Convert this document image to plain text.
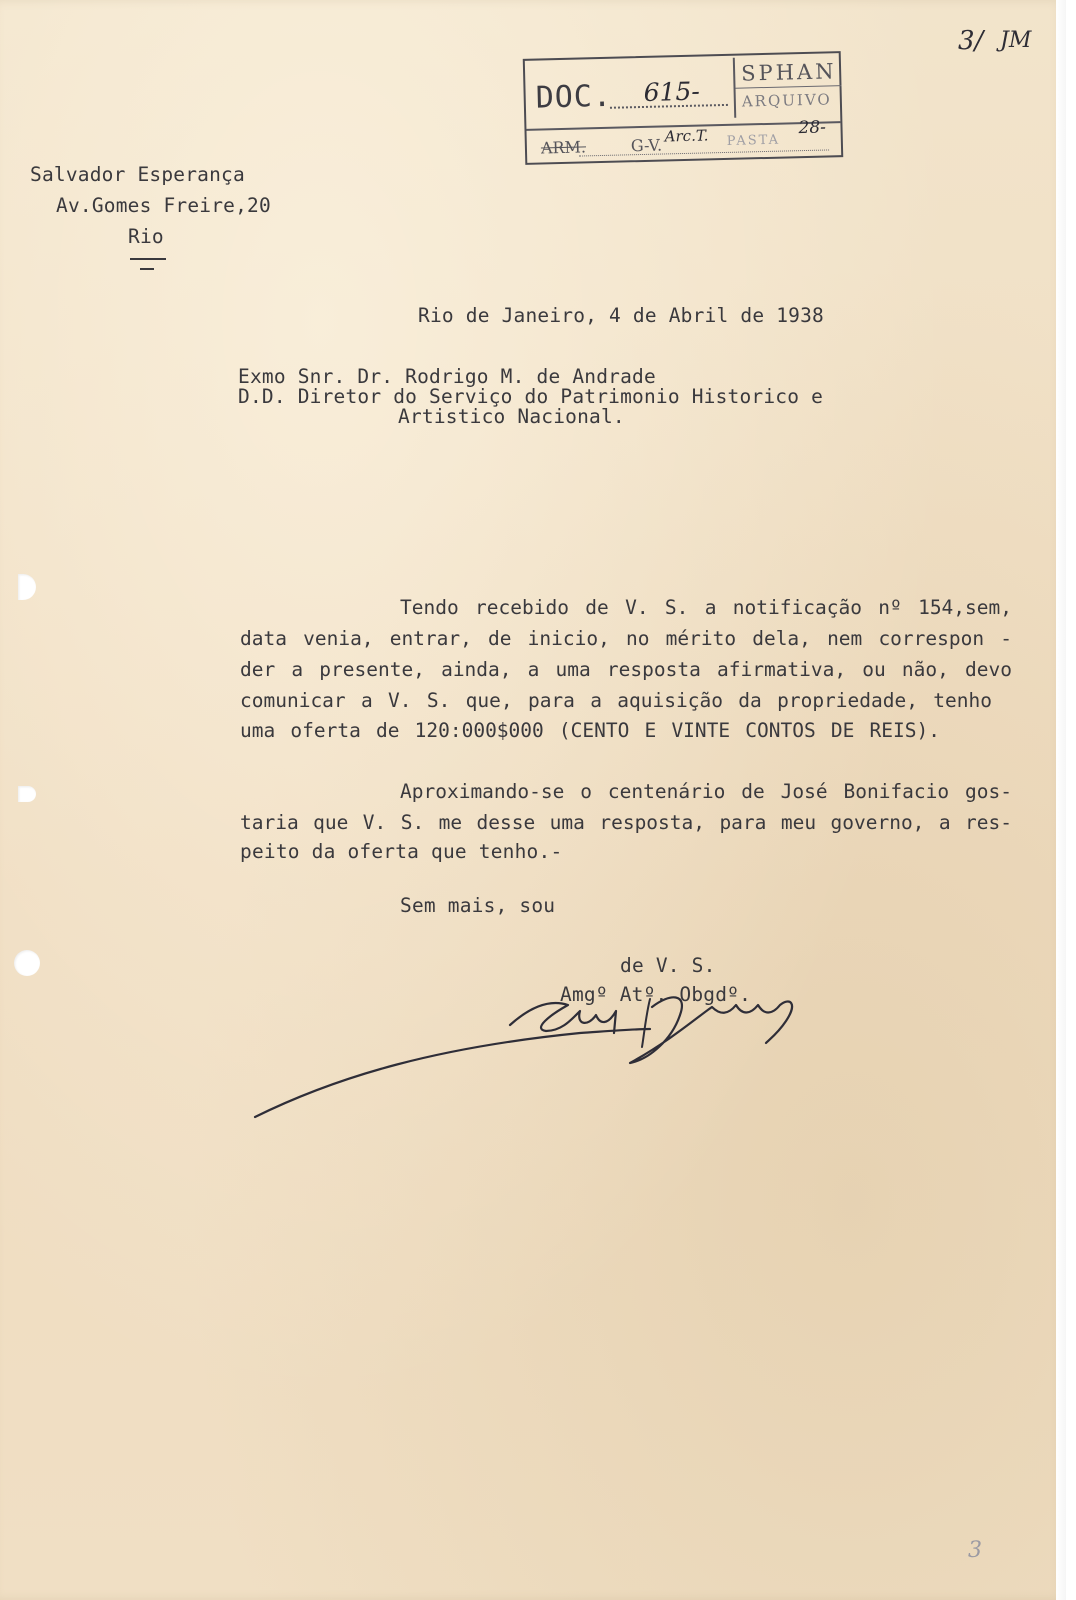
3/ JM
DOC. 615-
SPHAN
ARQUIVO
ARM.	G-V. Arc.T. PASTA
28-
Salvador Esperança
Av.Gomes Freire,20
Rio
Rio de Janeiro, 4 de Abril de 1938
Exmo Snr. Dr. Rodrigo M. de Andrade
D.D. Diretor do Serviço do Patrimonio Historico e
Artistico Nacional.
Tendo recebido de V. S. a notificação nº 154,sem,
data venia, entrar, de inicio, no mérito dela, nem correspon -
der a presente, ainda, a uma resposta afirmativa, ou não, devo
comunicar a V. S. que, para a aquisição da propriedade, tenho
uma oferta de 120:000$000 (CENTO E VINTE CONTOS DE REIS).
Aproximando-se o centenário de José Bonifacio gos-
taria que V. S. me desse uma resposta, para meu governo, a res-
peito da oferta que tenho.-
Sem mais, sou
de V. S.
Amgº Atº. Obgdº.
3
